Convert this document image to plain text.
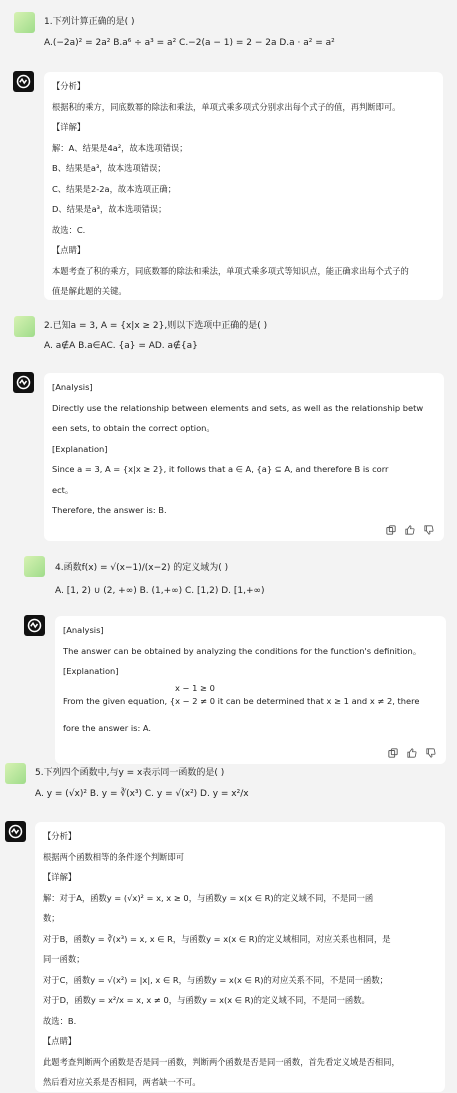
1.下列计算正确的是( )
A.(−2a)² = 2a² B.a⁶ ÷ a³ = a² C.−2(a − 1) = 2 − 2a D.a · a² = a²

【分析】

根据积的乘方，同底数幂的除法和乘法，单项式乘多项式分别求出每个式子的值，再判断即可。

【详解】

解：A、结果是4a²，故本选项错误；

B、结果是a³，故本选项错误；

C、结果是2-2a，故本选项正确；

D、结果是a³，故本选项错误；

故选：C.

【点睛】

本题考查了积的乘方，同底数幂的除法和乘法，单项式乘多项式等知识点，能正确求出每个式子的

值是解此题的关键。

2.已知a = 3, A = {x|x ≥ 2},则以下选项中正确的是( )
A. a∉A B.a∈AC. {a} = AD. a∉{a}

[Analysis]

Directly use the relationship between elements and sets, as well as the relationship betw

een sets, to obtain the correct option。

[Explanation]

Since a = 3, A = {x|x ≥ 2}, it follows that a ∈ A, {a} ⊆ A, and therefore B is corr

ect。

Therefore, the answer is: B.

4.函数f(x) = √(x−1)/(x−2) 的定义域为( )
A. [1, 2) ∪ (2, +∞) B. (1,+∞) C. [1,2) D. [1,+∞)

[Analysis]

The answer can be obtained by analyzing the conditions for the function's definition。

[Explanation]

x − 1 ≥ 0

From the given equation, {x − 2 ≠ 0 it can be determined that x ≥ 1 and x ≠ 2, there

fore the answer is: A.

5.下列四个函数中,与y = x表示同一函数的是( )
A. y = (√x)² B. y = ∛(x³) C. y = √(x²) D. y = x²/x

【分析】

根据两个函数相等的条件逐个判断即可

【详解】

解：对于A，函数y = (√x)² = x, x ≥ 0，与函数y = x(x ∈ R)的定义域不同，不是同一函

数；

对于B，函数y = ∛(x³) = x, x ∈ R，与函数y = x(x ∈ R)的定义域相同，对应关系也相同，是

同一函数；

对于C，函数y = √(x²) = |x|, x ∈ R，与函数y = x(x ∈ R)的对应关系不同，不是同一函数；

对于D，函数y = x²/x = x, x ≠ 0，与函数y = x(x ∈ R)的定义域不同，不是同一函数。

故选：B.

【点睛】

此题考查判断两个函数是否是同一函数，判断两个函数是否是同一函数，首先看定义域是否相同，

然后看对应关系是否相同，两者缺一不可。
